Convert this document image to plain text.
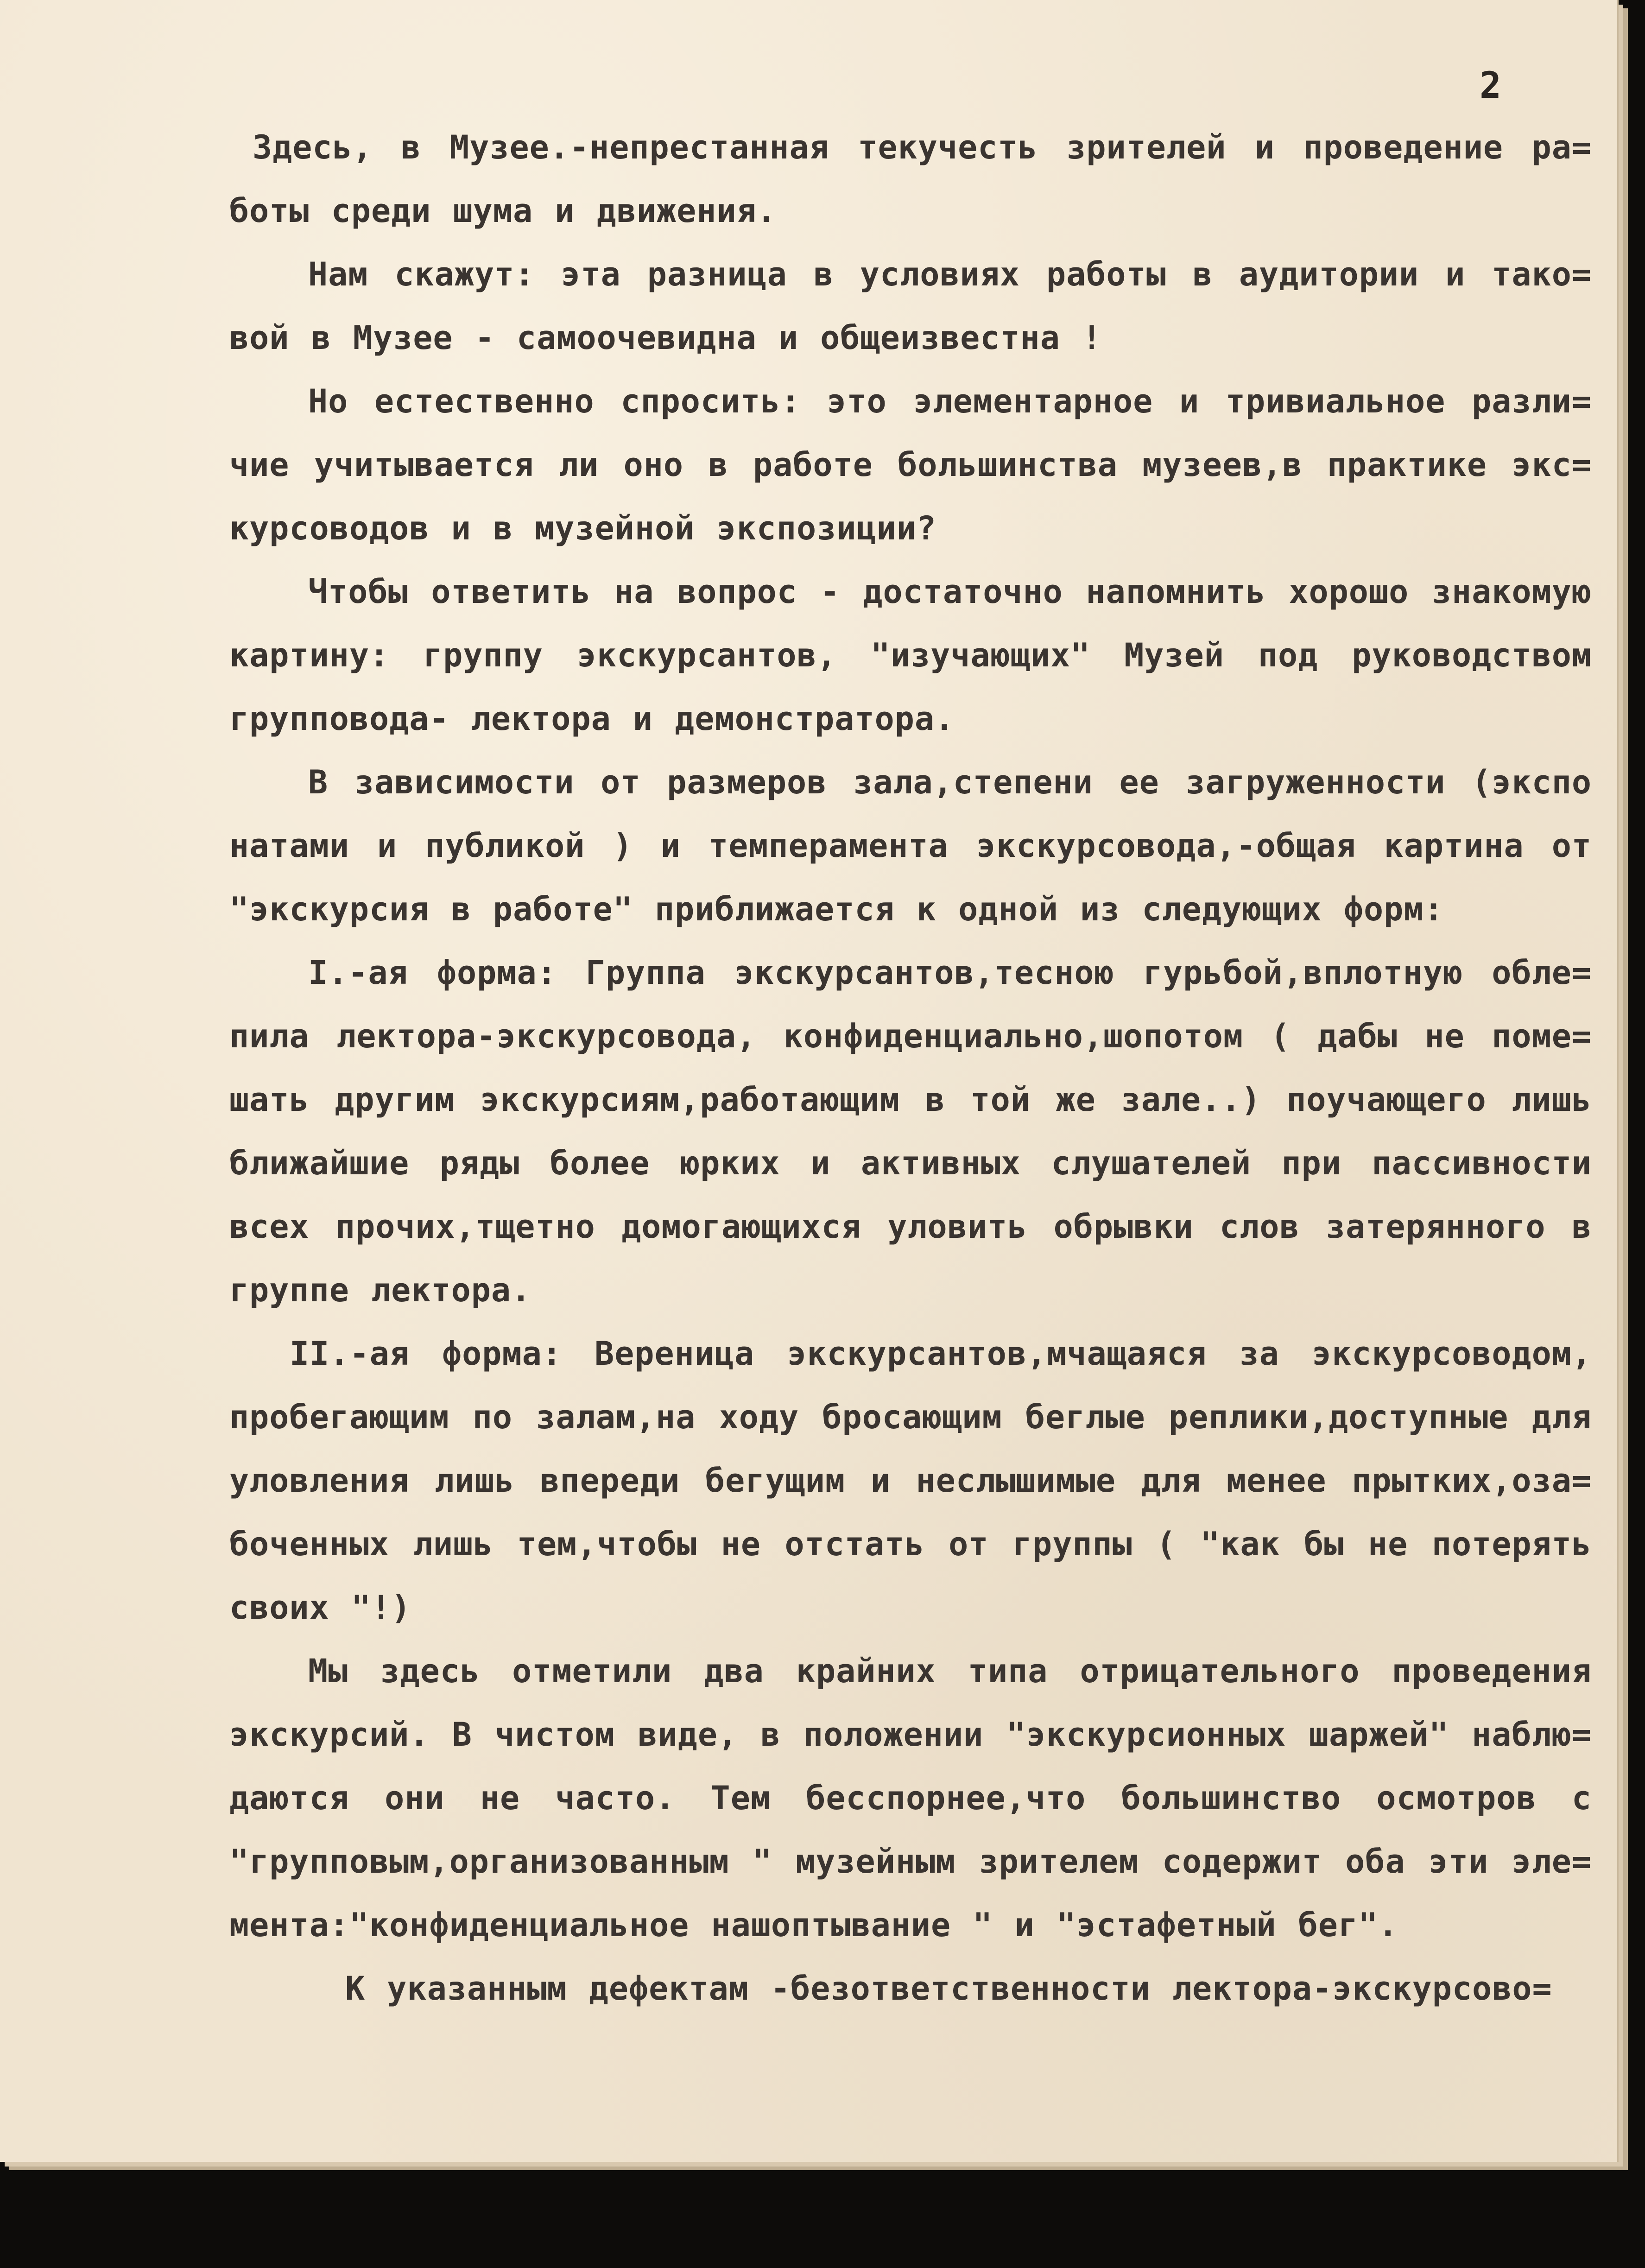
2

Здесь, в Музее.-непрестанная текучесть зрителей и проведение ра= боты среди шума и движения.

Нам скажут: эта разница в условиях работы в аудитории и тако= вой в Музее - самоочевидна и общеизвестна !

Но естественно спросить: это элементарное и тривиальное разли= чие учитывается ли оно в работе большинства музеев,в практике экс= курсоводов и в музейной экспозиции?

Чтобы ответить на вопрос - достаточно напомнить хорошо знакомую картину: группу экскурсантов, "изучающих" Музей под руководством групповода- лектора и демонстратора.

В зависимости от размеров зала,степени ее загруженности (экспо натами и публикой ) и темперамента экскурсовода,-общая картина от "экскурсия в работе" приближается к одной из следующих форм:

I.-ая форма: Группа экскурсантов,тесною гурьбой,вплотную обле= пила лектора-экскурсовода, конфиденциально,шопотом ( дабы не поме= шать другим экскурсиям,работающим в той же зале..) поучающего лишь ближайшие ряды более юрких и активных слушателей при пассивности всех прочих,тщетно домогающихся уловить обрывки слов затерянного в группе лектора.

II.-ая форма: Вереница экскурсантов,мчащаяся за экскурсоводом, пробегающим по залам,на ходу бросающим беглые реплики,доступные для уловления лишь впереди бегущим и неслышимые для менее прытких,оза= боченных лишь тем,чтобы не отстать от группы ( "как бы не потерять своих "!)

Мы здесь отметили два крайних типа отрицательного проведения экскурсий. В чистом виде, в положении "экскурсионных шаржей" наблю= даются они не часто. Тем бесспорнее,что большинство осмотров с "групповым,организованным " музейным зрителем содержит оба эти эле= мента:"конфиденциальное нашоптывание " и "эстафетный бег".

К указанным дефектам -безответственности лектора-экскурсово=
